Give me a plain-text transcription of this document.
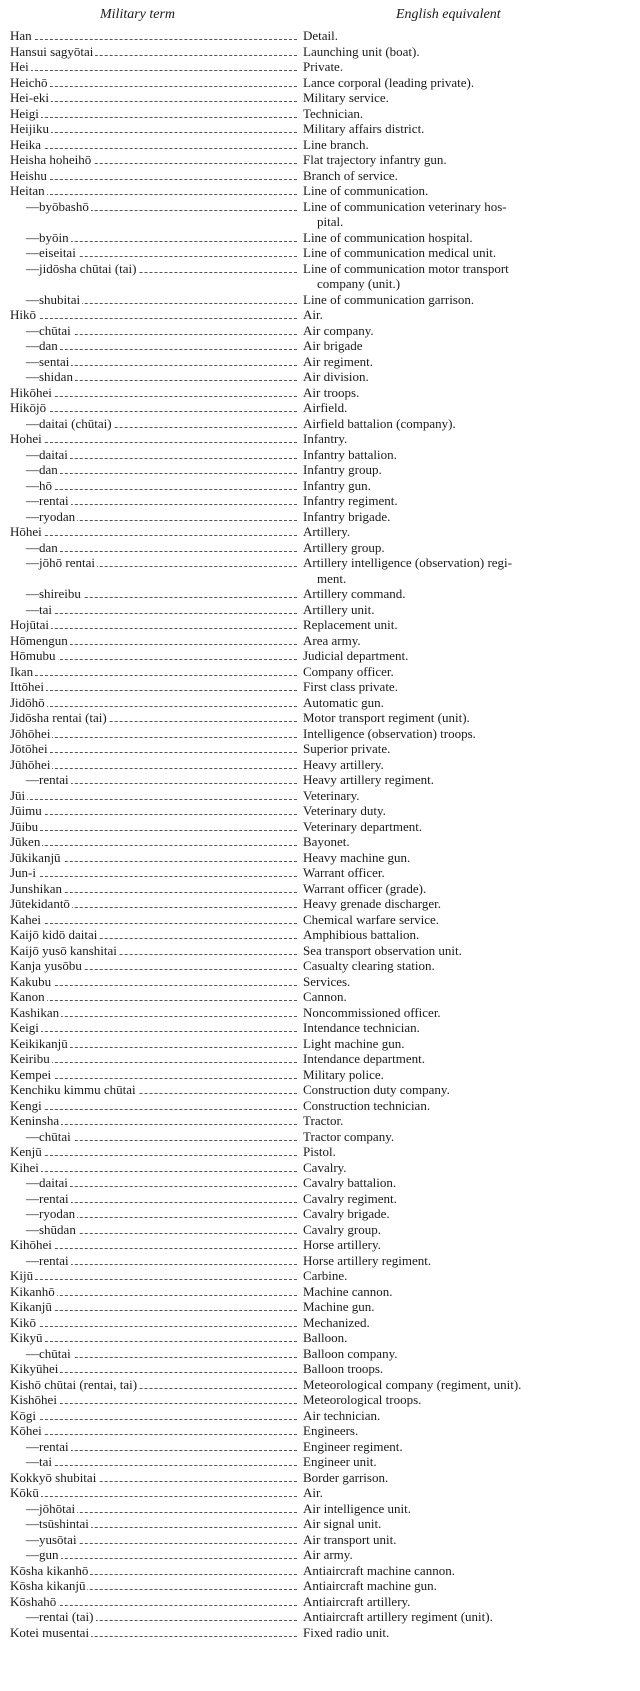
Military term	English equivalent
Han	Detail.
Hansui sagyōtai	Launching unit (boat).
Hei	Private.
Heichō	Lance corporal (leading private).
Hei-eki	Military service.
Heigi	Technician.
Heijiku	Military affairs district.
Heika	Line branch.
Heisha hoheihō	Flat trajectory infantry gun.
Heishu	Branch of service.
Heitan	Line of communication.
—byōbashō	Line of communication veterinary hos-
pital.
—byōin	Line of communication hospital.
—eiseitai	Line of communication medical unit.
—jidōsha chūtai (tai)	Line of communication motor transport
company (unit.)
—shubitai	Line of communication garrison.
Hikō	Air.
—chūtai	Air company.
—dan	Air brigade
—sentai	Air regiment.
—shidan	Air division.
Hikōhei	Air troops.
Hikōjō	Airfield.
—daitai (chūtai)	Airfield battalion (company).
Hohei	Infantry.
—daitai	Infantry battalion.
—dan	Infantry group.
—hō	Infantry gun.
—rentai	Infantry regiment.
—ryodan	Infantry brigade.
Hōhei	Artillery.
—dan	Artillery group.
—jōhō rentai	Artillery intelligence (observation) regi-
ment.
—shireibu	Artillery command.
—tai	Artillery unit.
Hojūtai	Replacement unit.
Hōmengun	Area army.
Hōmubu	Judicial department.
Ikan	Company officer.
Ittōhei	First class private.
Jidōhō	Automatic gun.
Jidōsha rentai (tai)	Motor transport regiment (unit).
Jōhōhei	Intelligence (observation) troops.
Jōtōhei	Superior private.
Jūhōhei	Heavy artillery.
—rentai	Heavy artillery regiment.
Jūi	Veterinary.
Jūimu	Veterinary duty.
Jūibu	Veterinary department.
Jūken	Bayonet.
Jūkikanjū	Heavy machine gun.
Jun-i	Warrant officer.
Junshikan	Warrant officer (grade).
Jūtekidantō	Heavy grenade discharger.
Kahei	Chemical warfare service.
Kaijō kidō daitai	Amphibious battalion.
Kaijō yusō kanshitai	Sea transport observation unit.
Kanja yusōbu	Casualty clearing station.
Kakubu	Services.
Kanon	Cannon.
Kashikan	Noncommissioned officer.
Keigi	Intendance technician.
Keikikanjū	Light machine gun.
Keiribu	Intendance department.
Kempei	Military police.
Kenchiku kimmu chūtai	Construction duty company.
Kengi	Construction technician.
Keninsha	Tractor.
—chūtai	Tractor company.
Kenjū	Pistol.
Kihei	Cavalry.
—daitai	Cavalry battalion.
—rentai	Cavalry regiment.
—ryodan	Cavalry brigade.
—shūdan	Cavalry group.
Kihōhei	Horse artillery.
—rentai	Horse artillery regiment.
Kijū	Carbine.
Kikanhō	Machine cannon.
Kikanjū	Machine gun.
Kikō	Mechanized.
Kikyū	Balloon.
—chūtai	Balloon company.
Kikyūhei	Balloon troops.
Kishō chūtai (rentai, tai)	Meteorological company (regiment, unit).
Kishōhei	Meteorological troops.
Kōgi	Air technician.
Kōhei	Engineers.
—rentai	Engineer regiment.
—tai	Engineer unit.
Kokkyō shubitai	Border garrison.
Kōkū	Air.
—jōhōtai	Air intelligence unit.
—tsūshintai	Air signal unit.
—yusōtai	Air transport unit.
—gun	Air army.
Kōsha kikanhō	Antiaircraft machine cannon.
Kōsha kikanjū	Antiaircraft machine gun.
Kōshahō	Antiaircraft artillery.
—rentai (tai)	Antiaircraft artillery regiment (unit).
Kotei musentai	Fixed radio unit.
